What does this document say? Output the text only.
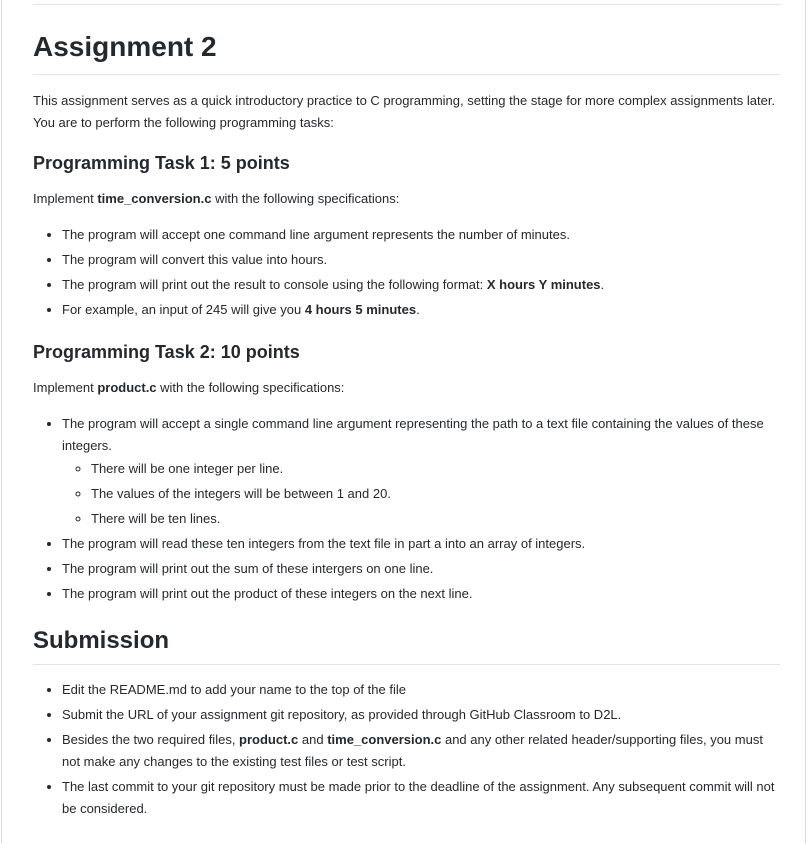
Assignment 2

This assignment serves as a quick introductory practice to C programming, setting the stage for more complex assignments later. You are to perform the following programming tasks:

Programming Task 1: 5 points

Implement time_conversion.c with the following specifications:

• The program will accept one command line argument represents the number of minutes.
• The program will convert this value into hours.
• The program will print out the result to console using the following format: X hours Y minutes.
• For example, an input of 245 will give you 4 hours 5 minutes.
Programming Task 2: 10 points

Implement product.c with the following specifications:

• The program will accept a single command line argument representing the path to a text file containing the values of these integers.
◦ There will be one integer per line.
◦ The values of the integers will be between 1 and 20.
◦ There will be ten lines.
• The program will read these ten integers from the text file in part a into an array of integers.
• The program will print out the sum of these intergers on one line.
• The program will print out the product of these integers on the next line.
Submission
• Edit the README.md to add your name to the top of the file
• Submit the URL of your assignment git repository, as provided through GitHub Classroom to D2L.
• Besides the two required files, product.c and time_conversion.c and any other related header/supporting files, you must not make any changes to the existing test files or test script.
• The last commit to your git repository must be made prior to the deadline of the assignment. Any subsequent commit will not be considered.
